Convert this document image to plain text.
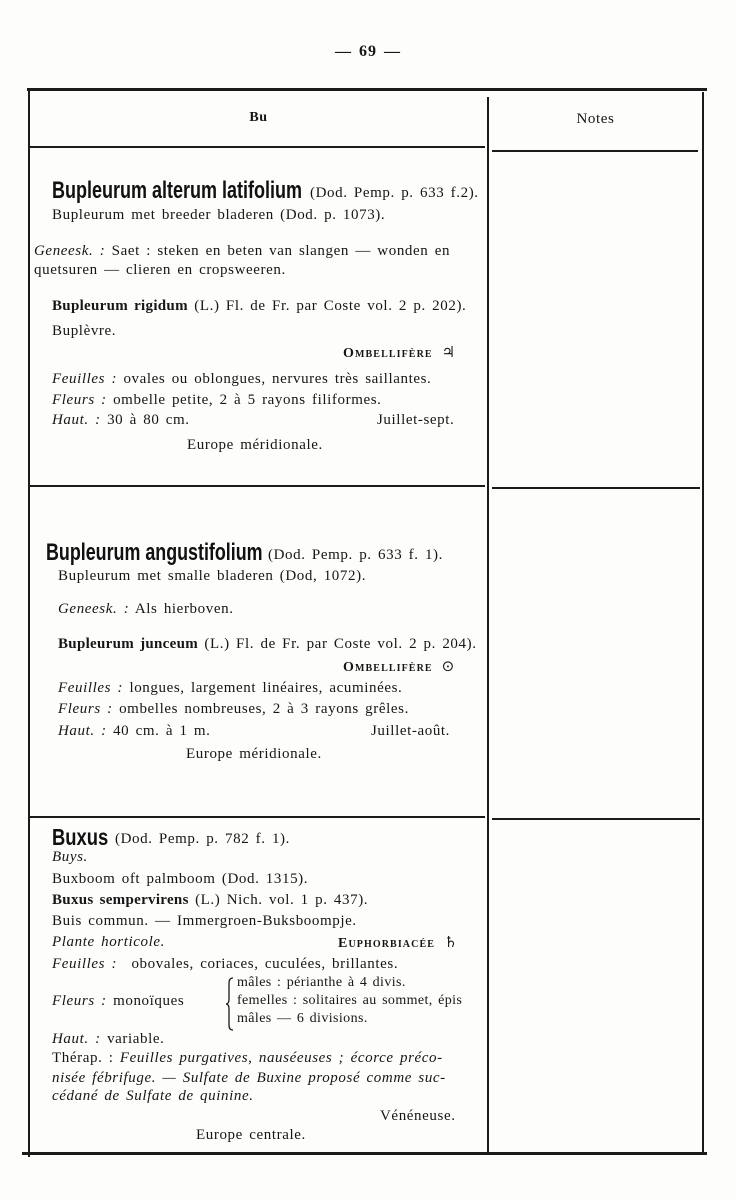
— 69 —
Bu	Notes
Bupleurum alterum latifolium (Dod. Pemp. p. 633 f.2).
Bupleurum met breeder bladeren (Dod. p. 1073).
Geneesk. : Saet : steken en beten van slangen — wonden en
quetsuren — clieren en cropsweeren.
Bupleurum rigidum (L.) Fl. de Fr. par Coste vol. 2 p. 202).
Buplèvre.
Ombellifère ♃
Feuilles : ovales ou oblongues, nervures très saillantes.
Fleurs : ombelle petite, 2 à 5 rayons filiformes.
Haut. : 30 à 80 cm.	Juillet-sept.
Europe méridionale.
Bupleurum angustifolium (Dod. Pemp. p. 633 f. 1).
Bupleurum met smalle bladeren (Dod, 1072).
Geneesk. : Als hierboven.
Bupleurum junceum (L.) Fl. de Fr. par Coste vol. 2 p. 204).
Ombellifère ⊙
Feuilles : longues, largement linéaires, acuminées.
Fleurs : ombelles nombreuses, 2 à 3 rayons grêles.
Haut. : 40 cm. à 1 m.	Juillet-août.
Europe méridionale.
Buxus (Dod. Pemp. p. 782 f. 1).
Buys.
Buxboom oft palmboom (Dod. 1315).
Buxus sempervirens (L.) Nich. vol. 1 p. 437).
Buis commun. — Immergroen-Buksboompje.
Plante horticole.	Euphorbiacée ♄
Feuilles : obovales, coriaces, cuculées, brillantes.
Fleurs : monoïques
mâles : périanthe à 4 divis.
femelles : solitaires au sommet, épis
mâles — 6 divisions.
Haut. : variable.
Thérap. : Feuilles purgatives, nauséeuses ; écorce préco-
nisée fébrifuge. — Sulfate de Buxine proposé comme suc-
cédané de Sulfate de quinine.
Vénéneuse.
Europe centrale.
